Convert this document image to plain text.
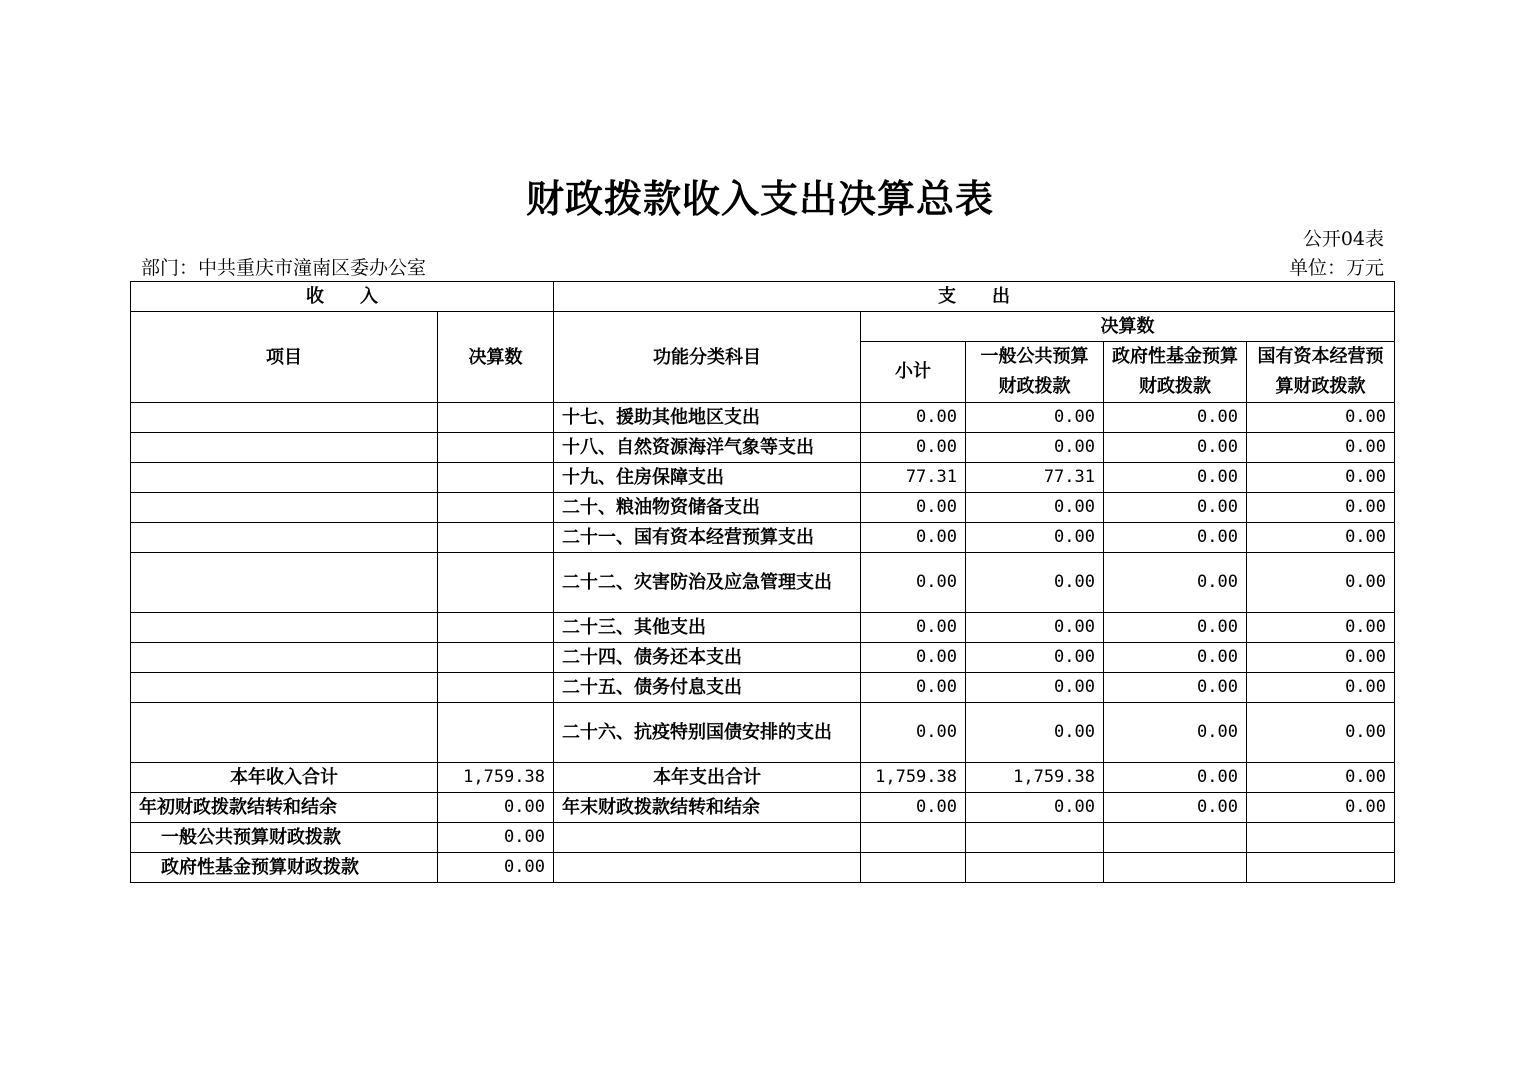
财政拨款收入支出决算总表
公开04表
部门：中共重庆市潼南区委办公室	单位：万元
收　　入		支　　出				
项目	决算数	功能分类科目	决算数			
			小计	一般公共预算财政拨款	政府性基金预算财政拨款	国有资本经营预算财政拨款
		十七、援助其他地区支出	0.00	0.00	0.00	0.00
		十八、自然资源海洋气象等支出	0.00	0.00	0.00	0.00
		十九、住房保障支出	77.31	77.31	0.00	0.00
		二十、粮油物资储备支出	0.00	0.00	0.00	0.00
		二十一、国有资本经营预算支出	0.00	0.00	0.00	0.00
		二十二、灾害防治及应急管理支出	0.00	0.00	0.00	0.00
		二十三、其他支出	0.00	0.00	0.00	0.00
		二十四、债务还本支出	0.00	0.00	0.00	0.00
		二十五、债务付息支出	0.00	0.00	0.00	0.00
		二十六、抗疫特别国债安排的支出	0.00	0.00	0.00	0.00
本年收入合计	1,759.38	本年支出合计	1,759.38	1,759.38	0.00	0.00
年初财政拨款结转和结余	0.00	年末财政拨款结转和结余	0.00	0.00	0.00	0.00
一般公共预算财政拨款	0.00					
政府性基金预算财政拨款	0.00					
